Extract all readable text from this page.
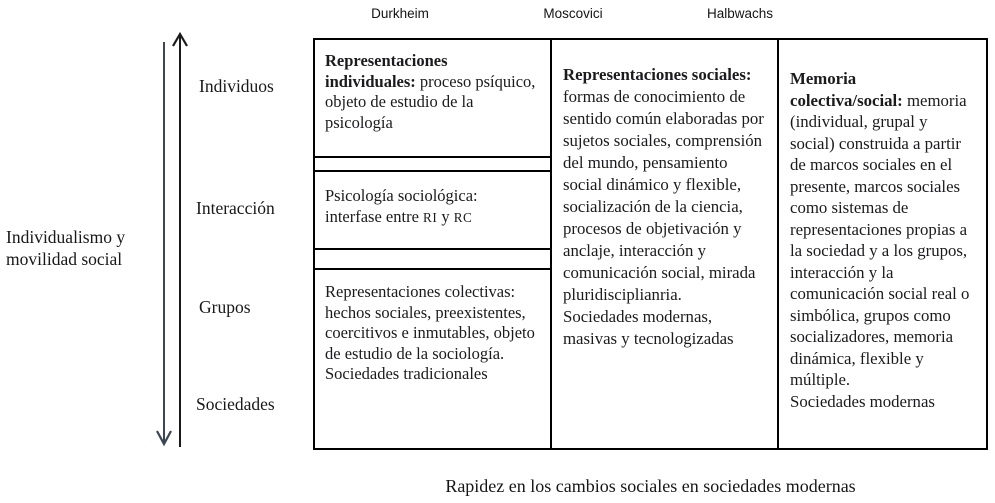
Durkheim	Moscovici	Halbwachs
Individualismo y
movilidad social
Individuos
Interacción
Grupos
Sociedades

Representaciones individuales: proceso psíquico, objeto de estudio de la psicología

Psicología sociológica: interfase entre RI y RC

Representaciones colectivas: hechos sociales, preexistentes, coercitivos e inmutables, objeto de estudio de la sociología.
Sociedades tradicionales

Representaciones sociales: formas de conocimiento de sentido común elaboradas por sujetos sociales, comprensión del mundo, pensamiento social dinámico y flexible, socialización de la ciencia, procesos de objetivación y anclaje, interacción y comunicación social, mirada pluridisciplianria.
Sociedades modernas, masivas y tecnologizadas

Memoria colectiva/social: memoria (individual, grupal y social) construida a partir de marcos sociales en el presente, marcos sociales como sistemas de representaciones propias a la sociedad y a los grupos, interacción y la comunicación social real o simbólica, grupos como socializadores, memoria dinámica, flexible y múltiple.
Sociedades modernas

Rapidez en los cambios sociales en sociedades modernas
